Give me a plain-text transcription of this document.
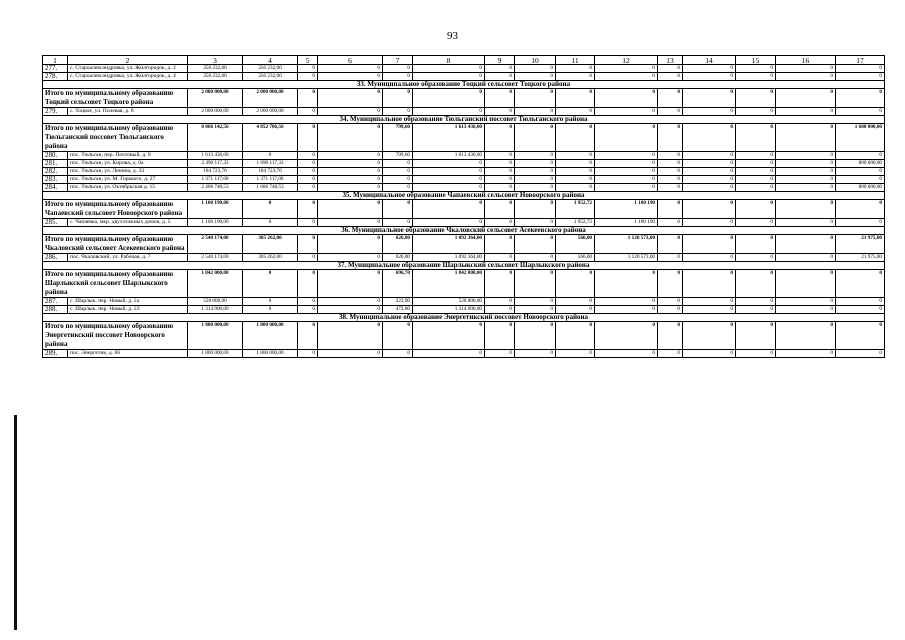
93
1	2	3	4	5	6	7	8	9	10	11	12	13	14	15	16	17
277.	с. Староалександровка, ул. Жилгородок, д. 2	250 232,00	250 232,00	0	0	0	0	0	0	0	0	0	0	0	0	0
278.	с. Староалександровка, ул. Жилгородок, д. 4	250 232,00	250 232,00	0	0	0	0	0	0	0	0	0	0	0	0	0
33. Муниципальное образование Тоцкий сельсовет Тоцкого района																
Итого по муниципальному образованию Тоцкий сельсовет Тоцкого района		2 000 000,00	2 000 000,00	0	0	0	0	0	0	0	0	0	0	0	0	0
279.	с. Тоцкое, ул. Полевая, д. 8	2 000 000,00	2 000 000,00	0	0	0	0	0	0	0	0	0	0	0	0	0
34. Муниципальное образование Тюльганский поссовет Тюльганского района																
Итого по муниципальному образованию Тюльганский поссовет Тюльганского района		8 066 142,56	4 852 706,56	0	0	799,60	1 613 436,00	0	0	0	0	0	0	0	0	1 600 000,00
280.	пос. Тюльган, пер. Почтовый, д. 9	1 613 436,00	0	0	0	709,60	1 613 436,00	0	0	0	0	0	0	0	0	0
281.	пос. Тюльган, ул. Кирова, д. 6а	2 490 117,33	1 690 117,33	0	0	0	0	0	0	0	0	0	0	0	0	800 000,00
282.	пос. Тюльган, ул. Ленина, д. 33	184 723,70	184 723,70	0	0	0	0	0	0	0	0	0	0	0	0	0
283.	пос. Тюльган, ул. М. Горького, д. 27	1 371 117,00	1 371 117,00	0	0	0	0	0	0	0	0	0	0	0	0	0
284.	пос. Тюльган, ул. Октябрьская д. 15	2 406 748,53	1 606 748,53	0	0	0	0	0	0	0	0	0	0	0	0	800 000,00
35. Муниципальное образование Чапаевский сельсовет Новоорского района																
Итого по муниципальному образованию Чапаевский сельсовет Новоорского района		1 100 190,00	0	0	0	0	0	0	0	1 952,72	1 100 190	0	0	0	0	0
285.	с. Чапаевка, мкр. двухэтажных домов, д. 5	1 100 190,00	0	0	0	0	0	0	0	1 952,72	1 100 190	0	0	0	0	0
36. Муниципальное образование Чкаловский сельсовет Асекеевского района																
Итого по муниципальному образованию Чкаловский сельсовет Асекеевского района		2 540 174,00	305 262,00	0	0	626,00	1 092 364,00	0	0	566,00	1 120 573,00	0	0	0	0	21 975,00
286.	пос. Чкаловский, ул. Рабочая, д. 7	2 540 174,00	305 262,00	0	0	626,00	1 092 364,00	0	0	566,00	1 120 573,00	0	0	0	0	21 975,00
37. Муниципальное образование Шарлыкский сельсовет Шарлыкского района																
Итого по муниципальному образованию Шарлыкский сельсовет Шарлыкского района		1 842 000,00	0	0	0	696,70	1 842 000,00	0	0	0	0	0	0	0	0	0
287.	с. Шарлык, пер. Новый, д. 2а	528 000,00	0	0	0	223,90	528 000,00	0	0	0	0	0	0	0	0	0
288.	с. Шарлык, пер. Новый, д. 23	1 314 000,00	0	0	0	472,80	1 314 000,00	0	0	0	0	0	0	0	0	0
38. Муниципальное образование Энергетикский поссовет Новоорского района																
Итого по муниципальному образованию Энергетикский поссовет Новоорского района		1 800 000,00	1 800 000,00	0	0	0	0	0	0	0	0	0	0	0	0	0
289.	пос. Энергетик, д. 66	1 800 000,00	1 800 000,00	0	0	0	0	0	0	0	0	0	0	0	0	0
